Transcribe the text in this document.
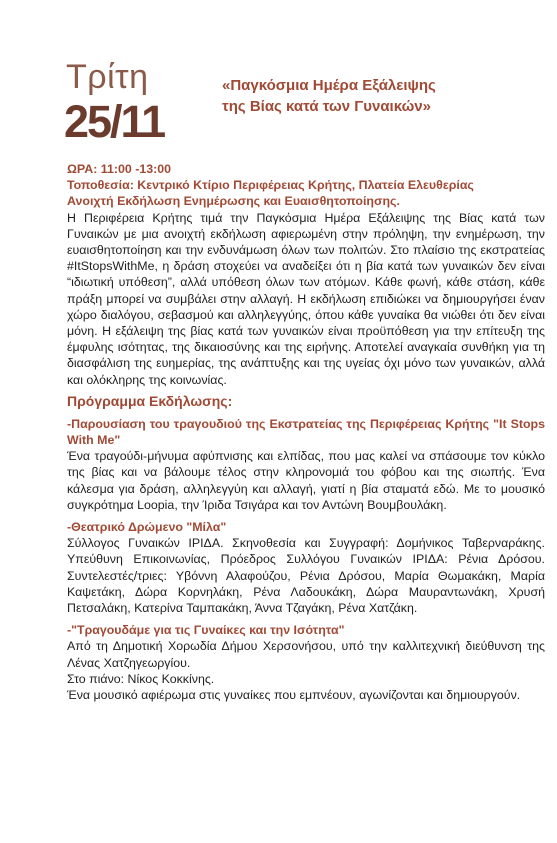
Τρίτη
25/11
«Παγκόσμια Ημέρα Εξάλειψης της Βίας κατά των Γυναικών»
ΩΡΑ: 11:00 -13:00
Τοποθεσία: Κεντρικό Κτίριο Περιφέρειας Κρήτης, Πλατεία Ελευθερίας
Ανοιχτή Εκδήλωση Ενημέρωσης και Ευαισθητοποίησης.

Η Περιφέρεια Κρήτης τιμά την Παγκόσμια Ημέρα Εξάλειψης της Βίας κατά των Γυναικών με μια ανοιχτή εκδήλωση αφιερωμένη στην πρόληψη, την ενημέρωση, την ευαισθητοποίηση και την ενδυνάμωση όλων των πολιτών. Στο πλαίσιο της εκστρατείας #ItStopsWithMe, η δράση στοχεύει να αναδείξει ότι η βία κατά των γυναικών δεν είναι “ιδιωτική υπόθεση”, αλλά υπόθεση όλων των ατόμων. Κάθε φωνή, κάθε στάση, κάθε πράξη μπορεί να συμβάλει στην αλλαγή. Η εκδήλωση επιδιώκει να δημιουργήσει έναν χώρο διαλόγου, σεβασμού και αλληλεγγύης, όπου κάθε γυναίκα θα νιώθει ότι δεν είναι μόνη. Η εξάλειψη της βίας κατά των γυναικών είναι προϋπόθεση για την επίτευξη της έμφυλης ισότητας, της δικαιοσύνης και της ειρήνης. Αποτελεί αναγκαία συνθήκη για τη διασφάλιση της ευημερίας, της ανάπτυξης και της υγείας όχι μόνο των γυναικών, αλλά και ολόκληρης της κοινωνίας.

Πρόγραμμα Εκδήλωσης:
-Παρουσίαση του τραγουδιού της Εκστρατείας της Περιφέρειας Κρήτης "It Stops With Me"

Ένα τραγούδι-μήνυμα αφύπνισης και ελπίδας, που μας καλεί να σπάσουμε τον κύκλο της βίας και να βάλουμε τέλος στην κληρονομιά του φόβου και της σιωπής. Ένα κάλεσμα για δράση, αλληλεγγύη και αλλαγή, γιατί η βία σταματά εδώ. Με το μουσικό συγκρότημα Loopia, την Ίριδα Τσιγάρα και τον Αντώνη Βουμβουλάκη.

-Θεατρικό Δρώμενο "Μίλα"

Σύλλογος Γυναικών ΙΡΙΔΑ. Σκηνοθεσία και Συγγραφή: Δομήνικος Ταβερναράκης. Υπεύθυνη Επικοινωνίας, Πρόεδρος Συλλόγου Γυναικών ΙΡΙΔΑ: Ρένια Δρόσου. Συντελεστές/τριες: Υβόννη Αλαφούζου, Ρένια Δρόσου, Μαρία Θωμακάκη, Μαρία Καψετάκη, Δώρα Κορνηλάκη, Ρένα Λαδουκάκη, Δώρα Μαυραντωνάκη, Χρυσή Πετσαλάκη, Κατερίνα Ταμπακάκη, Άννα Τζαγάκη, Ρένα Χατζάκη.

-"Τραγουδάμε για τις Γυναίκες και την Ισότητα"

Από τη Δημοτική Χορωδία Δήμου Χερσονήσου, υπό την καλλιτεχνική διεύθυνση της Λένας Χατζηγεωργίου.

Στο πιάνο: Νίκος Κοκκίνης.

Ένα μουσικό αφιέρωμα στις γυναίκες που εμπνέουν, αγωνίζονται και δημιουργούν.
